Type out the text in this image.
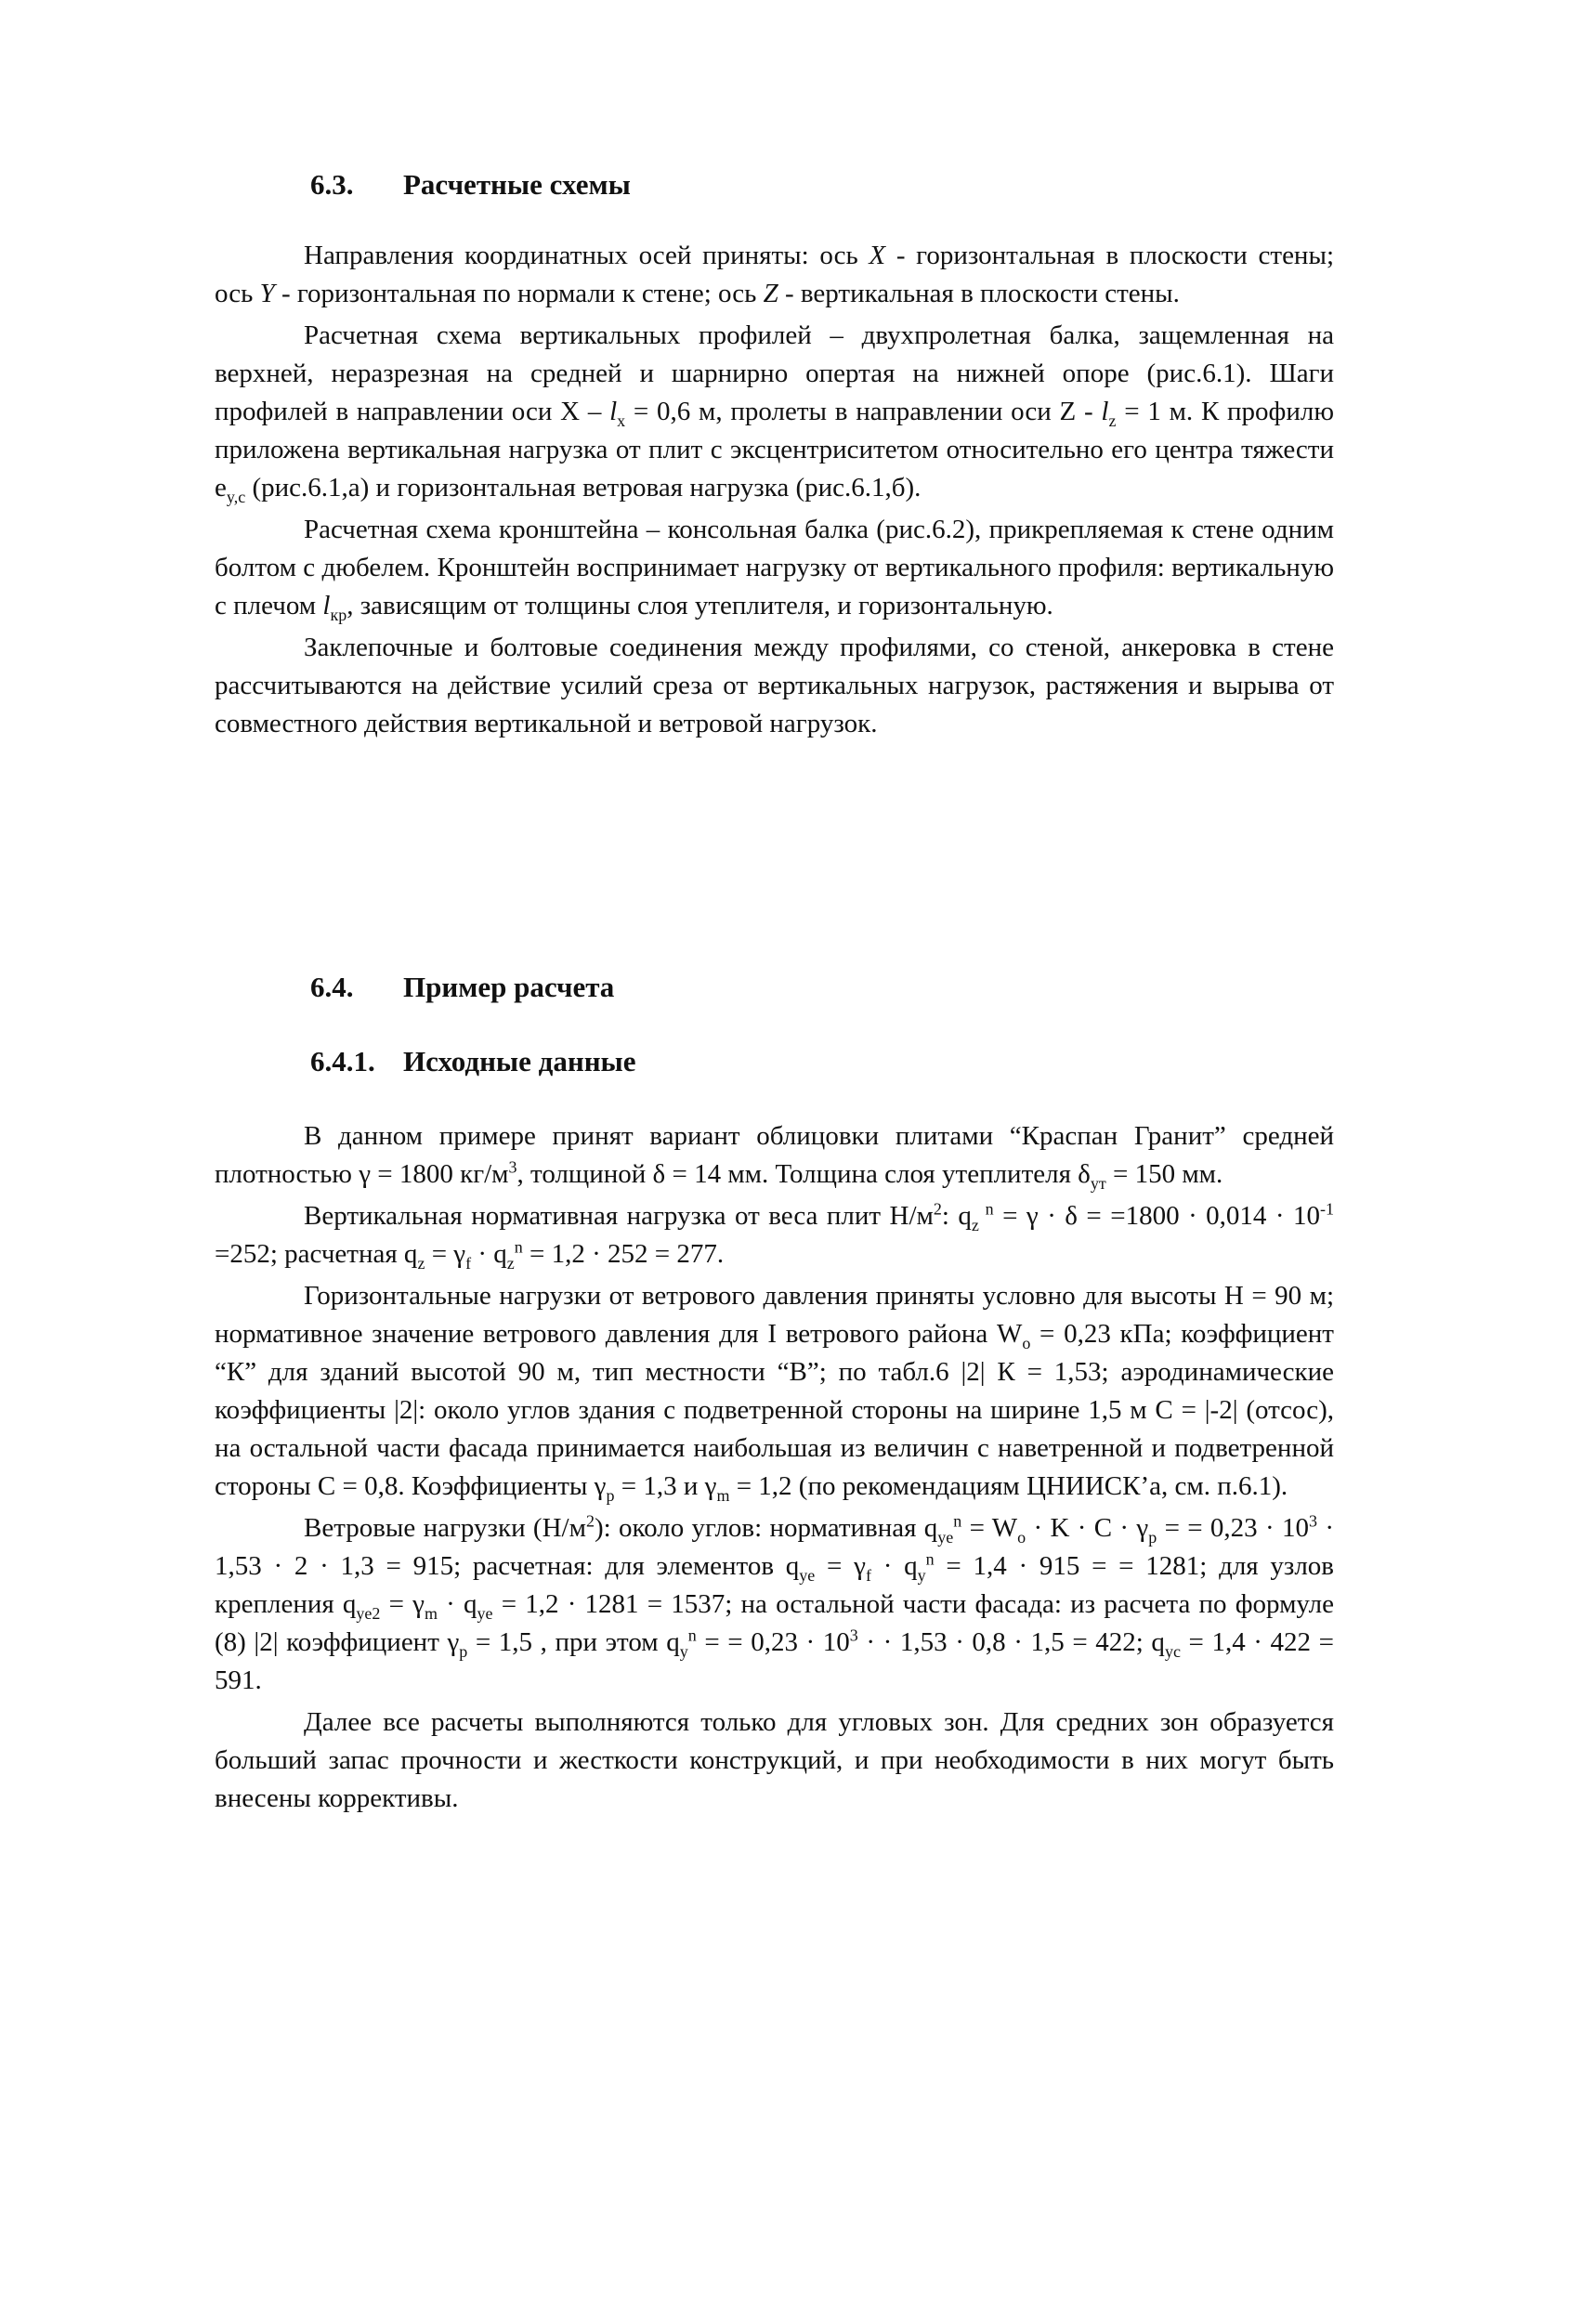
6.3. Расчетные схемы

Направления координатных осей приняты: ось X - горизонтальная в плоскости стены; ось Y - горизонтальная по нормали к стене; ось Z - вертикальная в плоскости стены.

Расчетная схема вертикальных профилей – двухпролетная балка, защемленная на верхней, неразрезная на средней и шарнирно опертая на нижней опоре (рис.6.1). Шаги профилей в направлении оси $X - l_x = 0,6$ м, пролеты в направлении оси $Z - l_z = 1$ м. К профилю приложена вертикальная нагрузка от плит с эксцентриситетом относительно его центра тяжести $e_{y,c}$ (рис.6.1,а) и горизонтальная ветровая нагрузка (рис.6.1,б).

Расчетная схема кронштейна – консольная балка (рис.6.2), прикрепляемая к стене одним болтом с дюбелем. Кронштейн воспринимает нагрузку от вертикального профиля: вертикальную с плечом $l_{кр}$, зависящим от толщины слоя утеплителя, и горизонтальную.

Заклепочные и болтовые соединения между профилями, со стеной, анкеровка в стене рассчитываются на действие усилий среза от вертикальных нагрузок, растяжения и вырыва от совместного действия вертикальной и ветровой нагрузок.

6.4. Пример расчета
6.4.1. Исходные данные

В данном примере принят вариант облицовки плитами “Краспан Гранит” средней плотностью γ = 1800 $кг/м^3$, толщиной δ = 14 мм. Толщина слоя утеплителя $\delta_{ут} = 150$ мм.

Вертикальная нормативная нагрузка от веса плит $Н/м^2$: $q_z$ $^n = \gamma \cdot \delta = =1800 \cdot 0,014 \cdot 10^{-1} =252$; расчетная $q_z = \gamma_f \cdot q_z^n = 1,2 \cdot 252 = 277$.

Горизонтальные нагрузки от ветрового давления приняты условно для высоты Н = 90 м; нормативное значение ветрового давления для I ветрового района $W_o = 0,23$ кПа; коэффициент “К” для зданий высотой 90 м, тип местности “В”; по табл.6 |2| К = 1,53; аэродинамические коэффициенты |2|: около углов здания с подветренной стороны на ширине 1,5 м С = |-2| (отсос), на остальной части фасада принимается наибольшая из величин с наветренной и подветренной стороны С = 0,8. Коэффициенты $\gamma_p = 1,3$ и $\gamma_m = 1,2$ (по рекомендациям ЦНИИСК’а, см. п.6.1).

Ветровые нагрузки $(Н/м^2)$: около углов: нормативная $q_{ye}^n = W_o \cdot K \cdot C \cdot \gamma_p$ = = $0,23 \cdot 10^3 \cdot 1,53 \cdot 2 \cdot 1,3 = 915$; расчетная: для элементов $q_{ye} = \gamma_f \cdot q_y^n = 1,4 \cdot 915$ = = 1281; для узлов крепления $q_{ye2} = \gamma_m \cdot q_{ye} = 1,2 \cdot 1281 = 1537$; на остальной части фасада: из расчета по формуле (8) |2| коэффициент $\gamma_p = 1,5$ , при этом $q_y^n$ = = $0,23 \cdot 10^3$ · · 1,53 · 0,8 · 1,5 = 422; $q_{yc} = 1,4 \cdot 422 = 591$.

Далее все расчеты выполняются только для угловых зон. Для средних зон образуется больший запас прочности и жесткости конструкций, и при необходимости в них могут быть внесены коррективы.
